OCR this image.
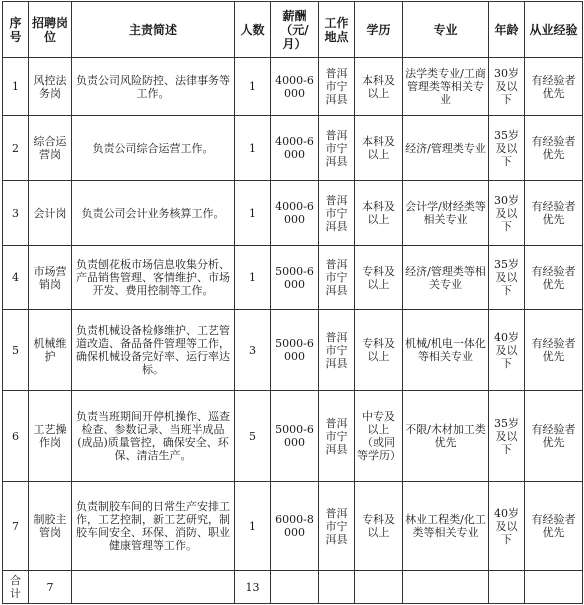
序号	招聘岗位	主责简述	人数	薪酬（元/月）	工作地点	学历	专业	年龄	从业经验
1	风控法务岗	负责公司风险防控、法律事务等工作。	1	4000-6000	普洱市宁洱县	本科及以上	法学类专业/工商管理类等相关专业	30岁及以下	有经验者优先
2	综合运营岗	负责公司综合运营工作。	1	4000-6000	普洱市宁洱县	本科及以上	经济/管理类专业	35岁及以下	有经验者优先
3	会计岗	负责公司会计业务核算工作。	1	4000-6000	普洱市宁洱县	本科及以上	会计学/财经类等相关专业	30岁及以下	有经验者优先
4	市场营销岗	负责刨花板市场信息收集分析、产品销售管理、客情维护、市场开发、费用控制等工作。	1	5000-6000	普洱市宁洱县	专科及以上	经济/管理类等相关专业	35岁及以下	有经验者优先
5	机械维护	负责机械设备检修维护、工艺管道改造、备品备件管理等工作，确保机械设备完好率、运行率达标。	3	5000-6000	普洱市宁洱县	专科及以上	机械/机电一体化等相关专业	40岁及以下	有经验者优先
6	工艺操作岗	负责当班期间开停机操作、巡查检查、参数记录、当班半成品(成品)质量管控，确保安全、环保、清洁生产。	5	5000-6000	普洱市宁洱县	中专及以上（或同等学历）	不限/木材加工类优先	35岁及以下	有经验者优先
7	制胶主管岗	负责制胶车间的日常生产安排工作，工艺控制，新工艺研究，制胶车间安全、环保、消防、职业健康管理等工作。	1	6000-8000	普洱市宁洱县	专科及以上	林业工程类/化工类等相关专业	40岁及以下	有经验者优先
合计	7		13						
